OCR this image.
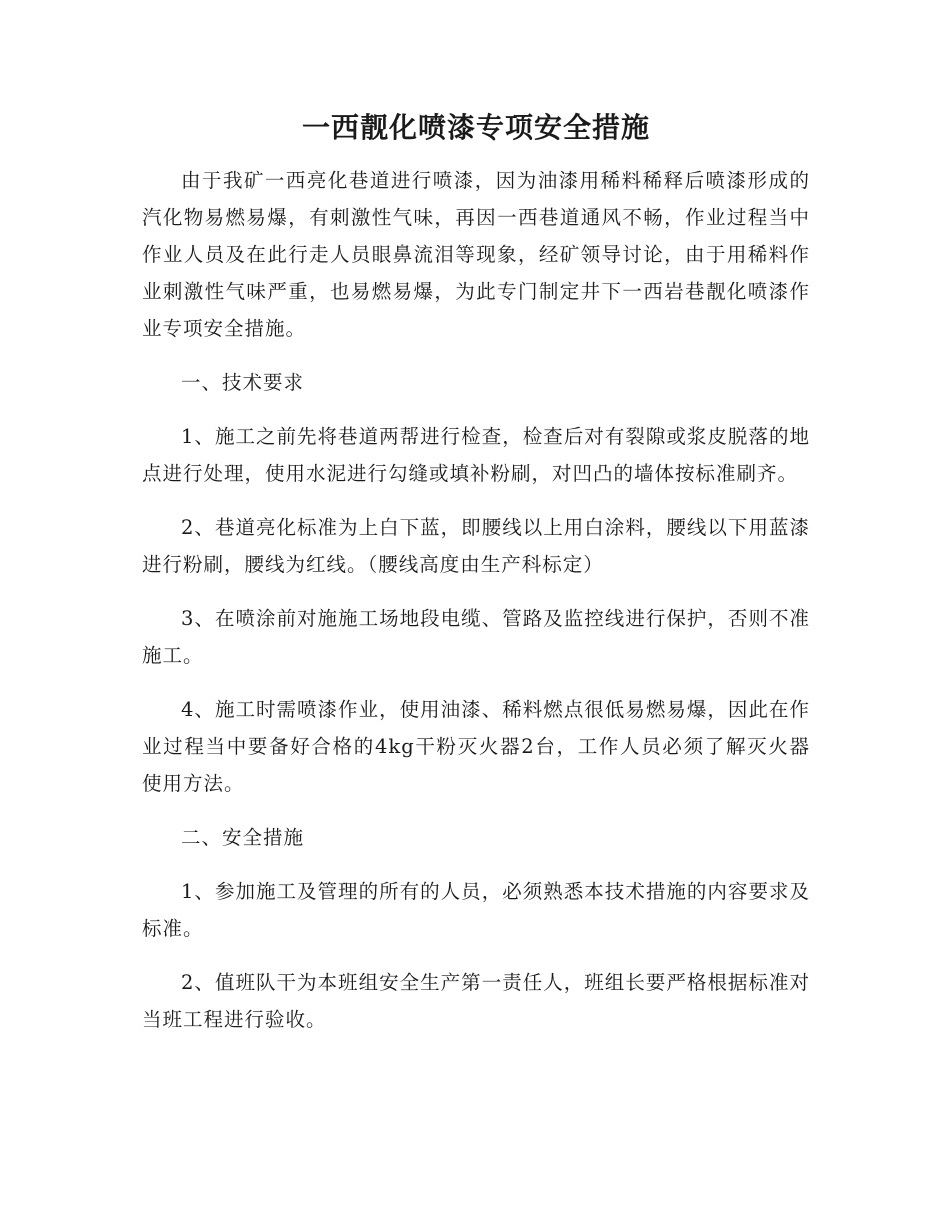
一西靓化喷漆专项安全措施

由于我矿一西亮化巷道进行喷漆，因为油漆用稀料稀释后喷漆形成的汽化物易燃易爆，有刺激性气味，再因一西巷道通风不畅，作业过程当中作业人员及在此行走人员眼鼻流泪等现象，经矿领导讨论，由于用稀料作业刺激性气味严重，也易燃易爆，为此专门制定井下一西岩巷靓化喷漆作业专项安全措施。

一、技术要求

1、施工之前先将巷道两帮进行检查，检查后对有裂隙或浆皮脱落的地点进行处理，使用水泥进行勾缝或填补粉刷，对凹凸的墙体按标准刷齐。

2、巷道亮化标准为上白下蓝，即腰线以上用白涂料，腰线以下用蓝漆进行粉刷，腰线为红线。（腰线高度由生产科标定）

3、在喷涂前对施施工场地段电缆、管路及监控线进行保护，否则不准施工。

4、施工时需喷漆作业，使用油漆、稀料燃点很低易燃易爆，因此在作业过程当中要备好合格的4kg干粉灭火器2台，工作人员必须了解灭火器使用方法。

二、安全措施

1、参加施工及管理的所有的人员，必须熟悉本技术措施的内容要求及标准。

2、值班队干为本班组安全生产第一责任人，班组长要严格根据标准对当班工程进行验收。
